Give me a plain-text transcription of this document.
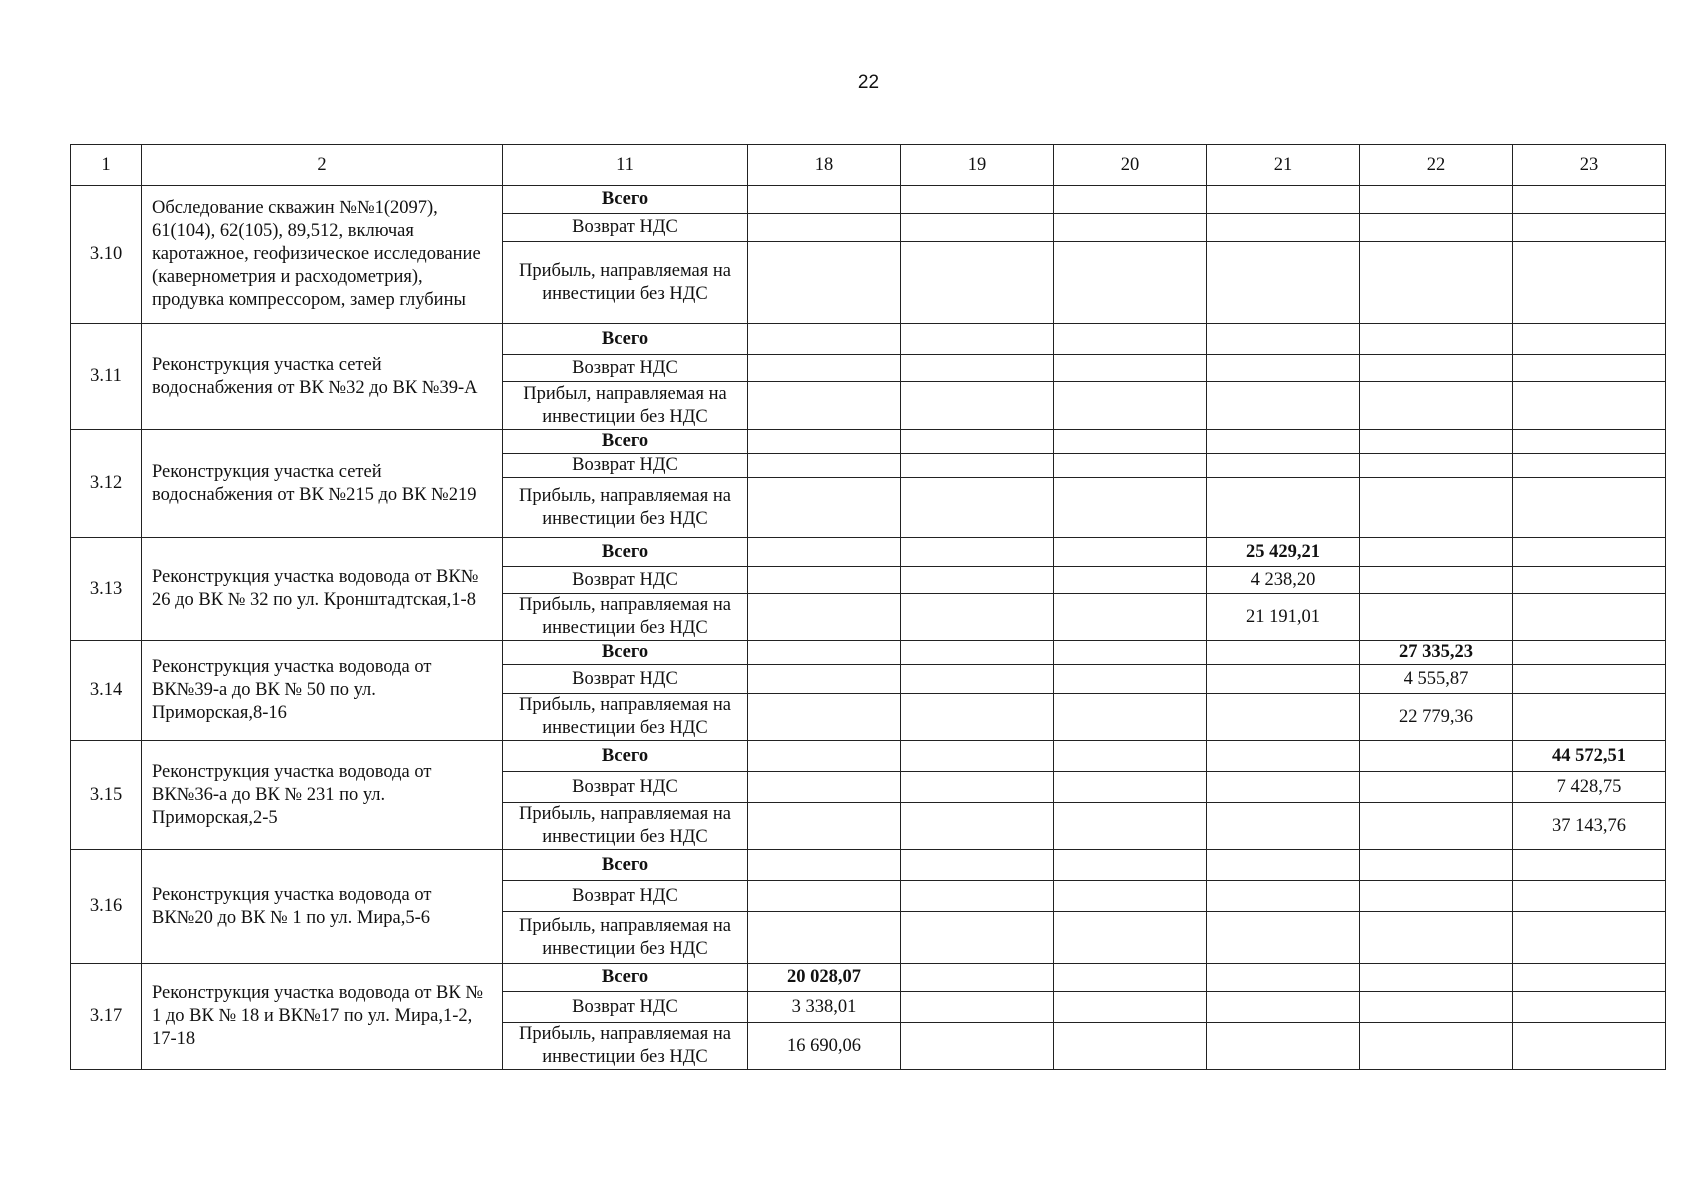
22
1	2	11	18	19	20	21	22	23
3.10	Обследование скважин №№1(2097), 61(104), 62(105), 89,512, включая каротажное, геофизическое исследование (кавернометрия и расходометрия), продувка компрессором, замер глубины	Всего						
		Возврат НДС						
		Прибыль, направляемая на инвестиции без НДС						
3.11	Реконструкция участка сетей водоснабжения от ВК №32 до ВК №39-А	Всего						
		Возврат НДС						
		Прибыл, направляемая на инвестиции без НДС						
3.12	Реконструкция участка сетей водоснабжения от ВК №215 до ВК №219	Всего						
		Возврат НДС						
		Прибыль, направляемая на инвестиции без НДС						
3.13	Реконструкция участка водовода от ВК№ 26 до ВК № 32 по ул. Кронштадтская,1-8	Всего				25 429,21		
		Возврат НДС				4 238,20		
		Прибыль, направляемая на инвестиции без НДС				21 191,01		
3.14	Реконструкция участка водовода от ВК№39-а до ВК № 50 по ул. Приморская,8-16	Всего					27 335,23	
		Возврат НДС					4 555,87	
		Прибыль, направляемая на инвестиции без НДС					22 779,36	
3.15	Реконструкция участка водовода от ВК№36-а до ВК № 231 по ул. Приморская,2-5	Всего						44 572,51
		Возврат НДС						7 428,75
		Прибыль, направляемая на инвестиции без НДС						37 143,76
3.16	Реконструкция участка водовода от ВК№20 до ВК № 1 по ул. Мира,5-6	Всего						
		Возврат НДС						
		Прибыль, направляемая на инвестиции без НДС						
3.17	Реконструкция участка водовода от ВК № 1 до ВК № 18 и ВК№17 по ул. Мира,1-2, 17-18	Всего	20 028,07					
		Возврат НДС	3 338,01					
		Прибыль, направляемая на инвестиции без НДС	16 690,06					
